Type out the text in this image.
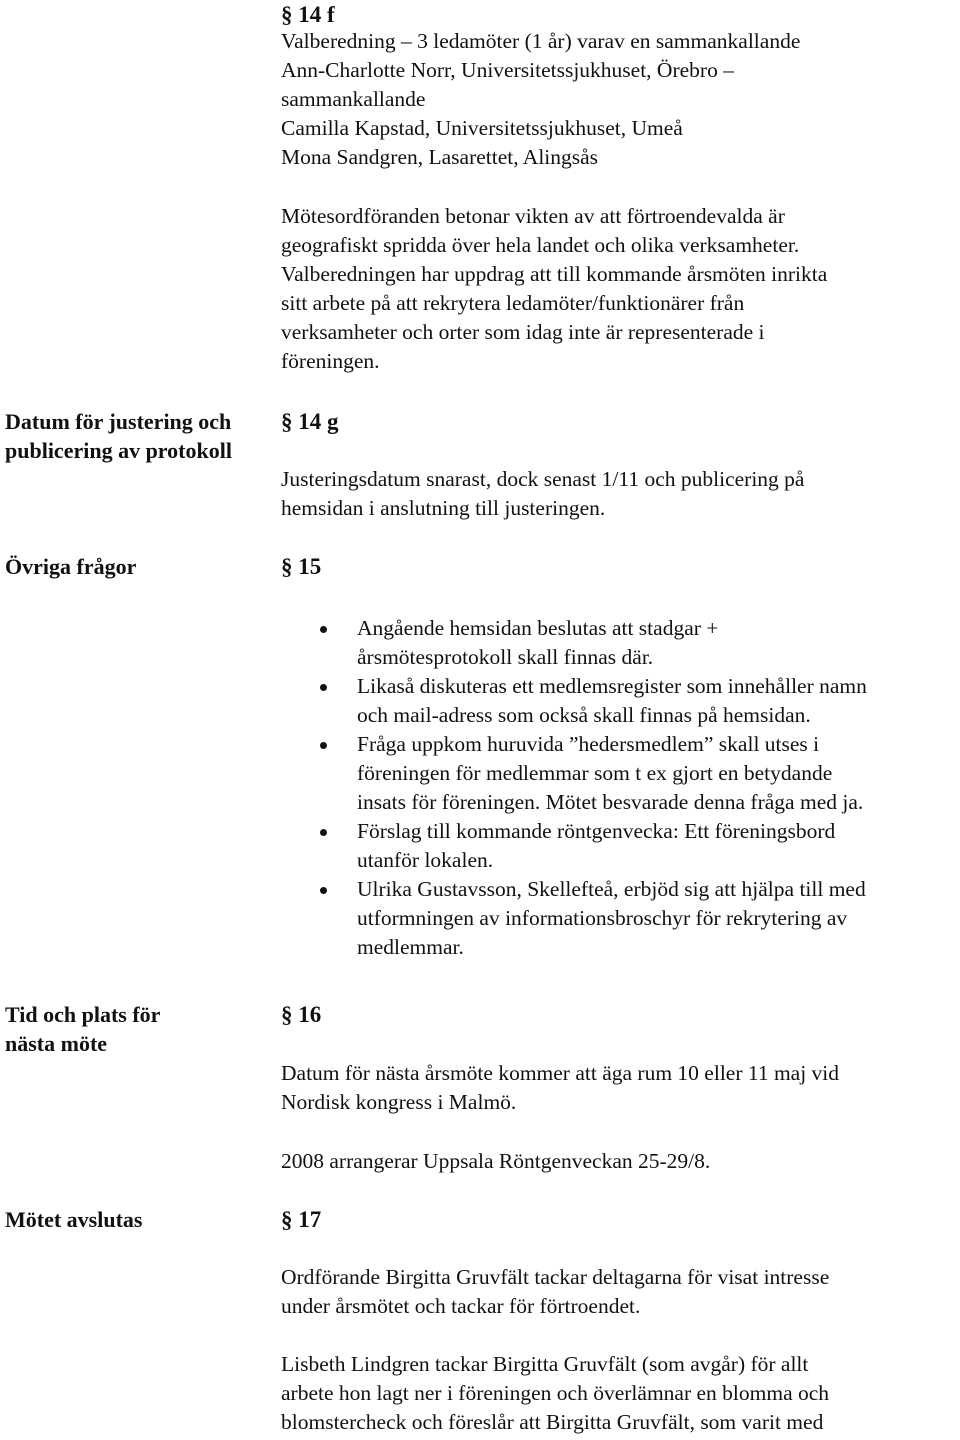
§ 14 f
Valberedning – 3 ledamöter (1 år) varav en sammankallande
Ann-Charlotte Norr, Universitetssjukhuset, Örebro –
sammankallande
Camilla Kapstad, Universitetssjukhuset, Umeå
Mona Sandgren, Lasarettet, Alingsås
Mötesordföranden betonar vikten av att förtroendevalda är
geografiskt spridda över hela landet och olika verksamheter.
Valberedningen har uppdrag att till kommande årsmöten inrikta
sitt arbete på att rekrytera ledamöter/funktionärer från
verksamheter och orter som idag inte är representerade i
föreningen.
Datum för justering och
publicering av protokoll
§ 14 g
Justeringsdatum snarast, dock senast 1/11 och publicering på
hemsidan i anslutning till justeringen.
Övriga frågor	§ 15
Angående hemsidan beslutas att stadgar +
årsmötesprotokoll skall finnas där.
Likaså diskuteras ett medlemsregister som innehåller namn
och mail-adress som också skall finnas på hemsidan.
Fråga uppkom huruvida ”hedersmedlem” skall utses i
föreningen för medlemmar som t ex gjort en betydande
insats för föreningen. Mötet besvarade denna fråga med ja.
Förslag till kommande röntgenvecka: Ett föreningsbord
utanför lokalen.
Ulrika Gustavsson, Skellefteå, erbjöd sig att hjälpa till med
utformningen av informationsbroschyr för rekrytering av
medlemmar.
Tid och plats för
nästa möte
§ 16
Datum för nästa årsmöte kommer att äga rum 10 eller 11 maj vid
Nordisk kongress i Malmö.
2008 arrangerar Uppsala Röntgenveckan 25-29/8.
Mötet avslutas	§ 17
Ordförande Birgitta Gruvfält tackar deltagarna för visat intresse
under årsmötet och tackar för förtroendet.
Lisbeth Lindgren tackar Birgitta Gruvfält (som avgår) för allt
arbete hon lagt ner i föreningen och överlämnar en blomma och
blomstercheck och föreslår att Birgitta Gruvfält, som varit med
